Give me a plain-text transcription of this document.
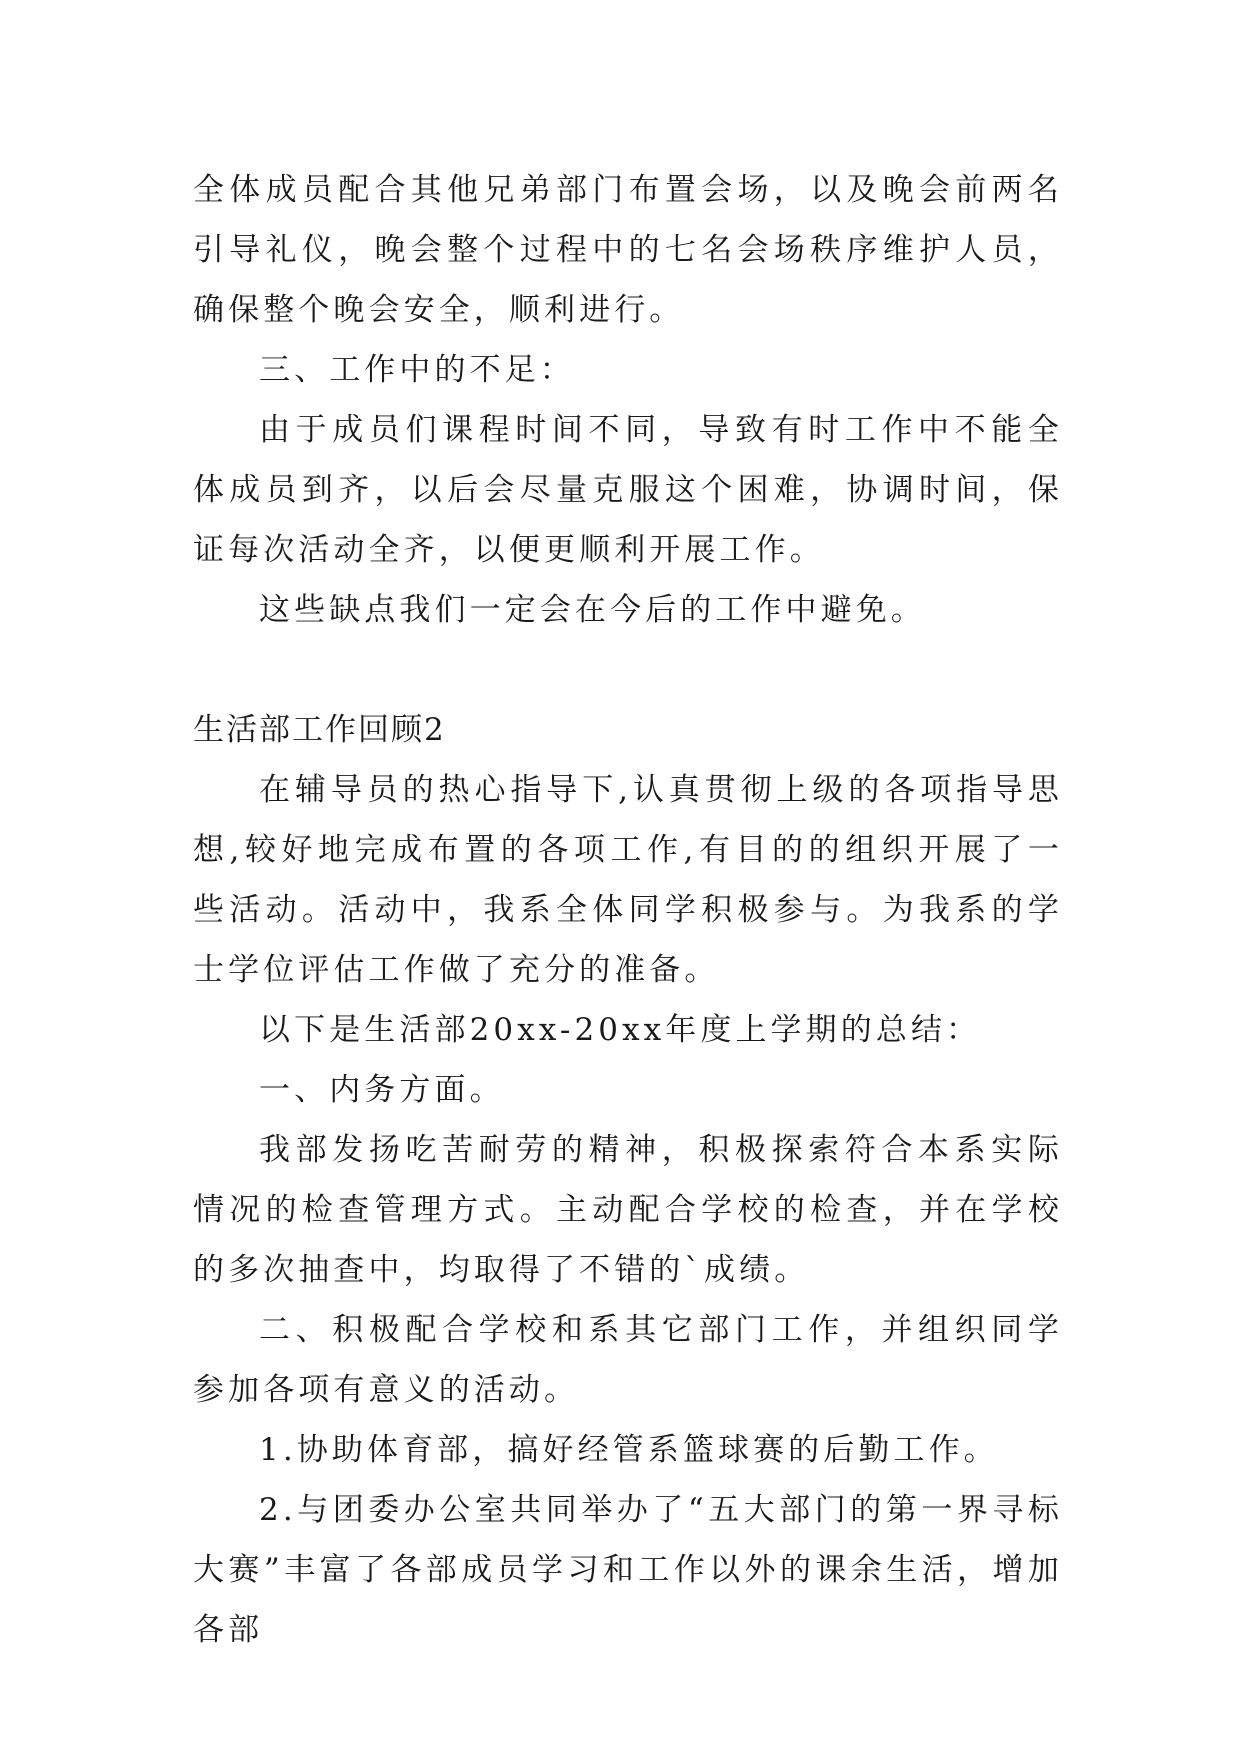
全体成员配合其他兄弟部门布置会场，以及晚会前两名引导礼仪，晚会整个过程中的七名会场秩序维护人员，确保整个晚会安全，顺利进行。

三、工作中的不足：

由于成员们课程时间不同，导致有时工作中不能全体成员到齐，以后会尽量克服这个困难，协调时间，保证每次活动全齐，以便更顺利开展工作。

这些缺点我们一定会在今后的工作中避免。

生活部工作回顾2

在辅导员的热心指导下,认真贯彻上级的各项指导思想,较好地完成布置的各项工作,有目的的组织开展了一些活动。活动中，我系全体同学积极参与。为我系的学士学位评估工作做了充分的准备。

以下是生活部20xx-20xx年度上学期的总结：

一、内务方面。

我部发扬吃苦耐劳的精神，积极探索符合本系实际情况的检查管理方式。主动配合学校的检查，并在学校的多次抽查中，均取得了不错的`成绩。

二、积极配合学校和系其它部门工作，并组织同学参加各项有意义的活动。

1.协助体育部，搞好经管系篮球赛的后勤工作。

2.与团委办公室共同举办了“五大部门的第一界寻标大赛”丰富了各部成员学习和工作以外的课余生活，增加各部
